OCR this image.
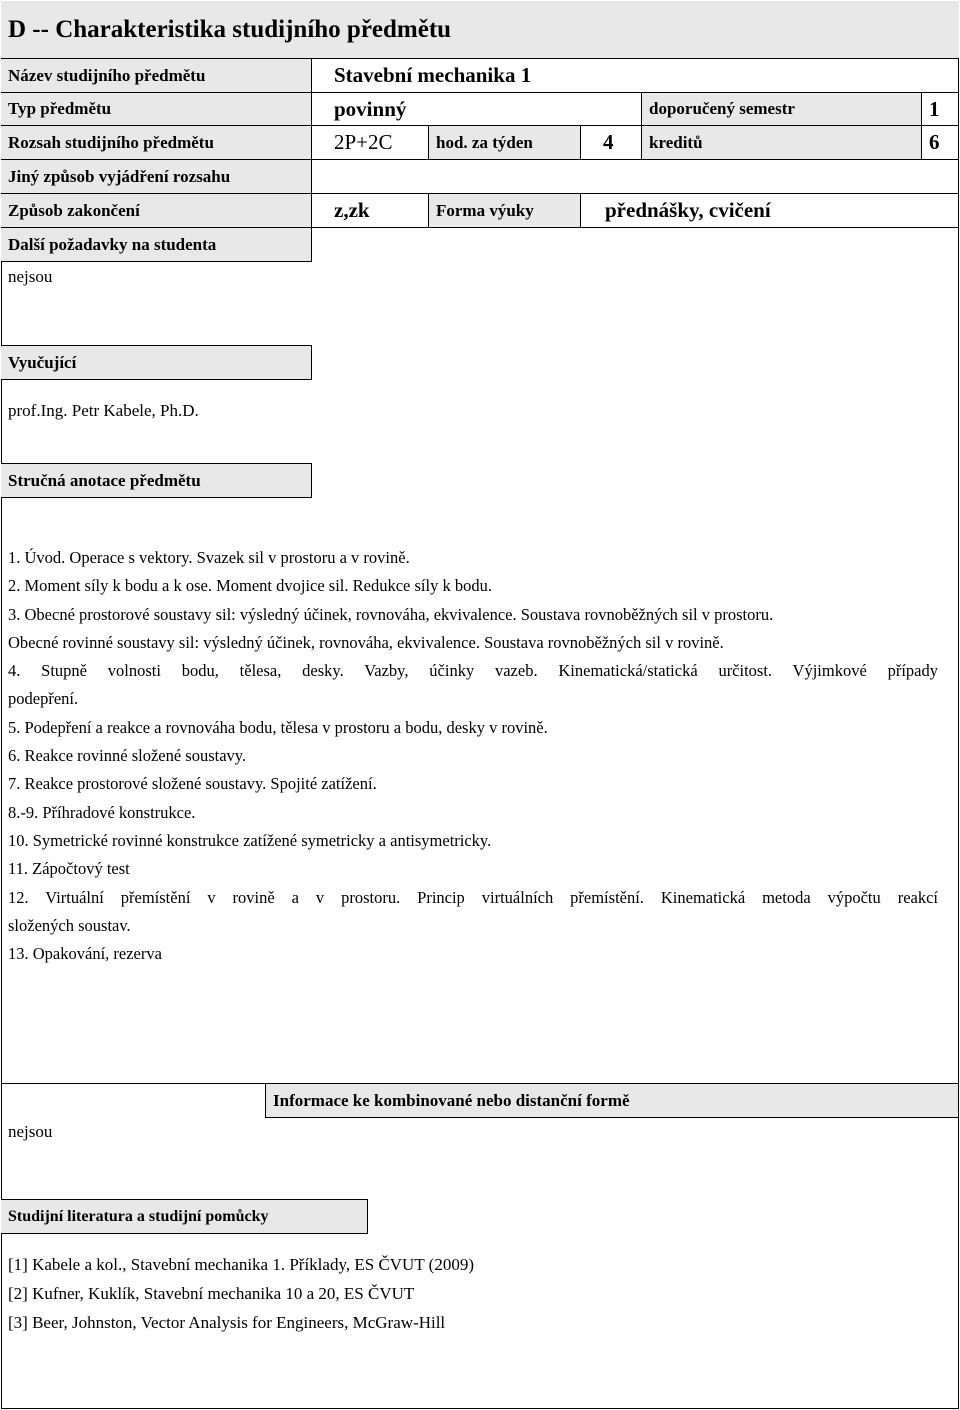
D -- Charakteristika studijního předmětu
Název studijního předmětu	Stavební mechanika 1
Typ předmětu	povinný	doporučený semestr	1
Rozsah studijního předmětu	2P+2C	hod. za týden	4	kreditů	6
Jiný způsob vyjádření rozsahu
Způsob zakončení	z,zk	Forma výuky	přednášky, cvičení
Další požadavky na studenta
nejsou
Vyučující
prof.Ing. Petr Kabele, Ph.D.
Stručná anotace předmětu
1. Úvod. Operace s vektory. Svazek sil v prostoru a v rovině.
2. Moment síly k bodu a k ose. Moment dvojice sil. Redukce síly k bodu.
3. Obecné prostorové soustavy sil: výsledný účinek, rovnováha, ekvivalence. Soustava rovnoběžných sil v prostoru.
Obecné rovinné soustavy sil: výsledný účinek, rovnováha, ekvivalence. Soustava rovnoběžných sil v rovině.
4. Stupně volnosti bodu, tělesa, desky. Vazby, účinky vazeb. Kinematická/statická určitost. Výjimkové případy
podepření.
5. Podepření a reakce a rovnováha bodu, tělesa v prostoru a bodu, desky v rovině.
6. Reakce rovinné složené soustavy.
7. Reakce prostorové složené soustavy. Spojité zatížení.
8.-9. Příhradové konstrukce.
10. Symetrické rovinné konstrukce zatížené symetricky a antisymetricky.
11. Zápočtový test
12. Virtuální přemístění v rovině a v prostoru. Princip virtuálních přemístění. Kinematická metoda výpočtu reakcí
složených soustav.
13. Opakování, rezerva
Informace ke kombinované nebo distanční formě
nejsou
Studijní literatura a studijní pomůcky
[1] Kabele a kol., Stavební mechanika 1. Příklady, ES ČVUT (2009)
[2] Kufner, Kuklík, Stavební mechanika 10 a 20, ES ČVUT
[3] Beer, Johnston, Vector Analysis for Engineers, McGraw-Hill
